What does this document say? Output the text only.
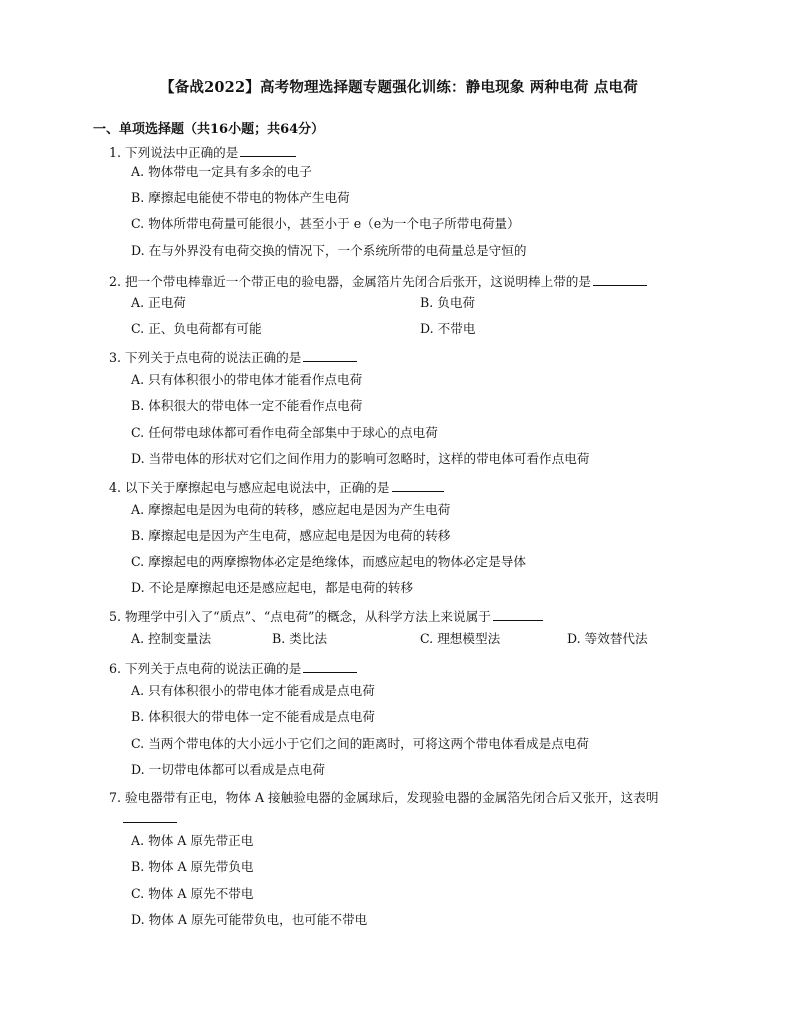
【备战2022】高考物理选择题专题强化训练：静电现象 两种电荷 点电荷
一、单项选择题（共16小题；共64分）
1. 下列说法中正确的是
A. 物体带电一定具有多余的电子
B. 摩擦起电能使不带电的物体产生电荷
C. 物体所带电荷量可能很小，甚至小于 e（e为一个电子所带电荷量）
D. 在与外界没有电荷交换的情况下，一个系统所带的电荷量总是守恒的
2. 把一个带电棒靠近一个带正电的验电器，金属箔片先闭合后张开，这说明棒上带的是
A. 正电荷	B. 负电荷
C. 正、负电荷都有可能	D. 不带电
3. 下列关于点电荷的说法正确的是
A. 只有体积很小的带电体才能看作点电荷
B. 体积很大的带电体一定不能看作点电荷
C. 任何带电球体都可看作电荷全部集中于球心的点电荷
D. 当带电体的形状对它们之间作用力的影响可忽略时，这样的带电体可看作点电荷
4. 以下关于摩擦起电与感应起电说法中，正确的是
A. 摩擦起电是因为电荷的转移，感应起电是因为产生电荷
B. 摩擦起电是因为产生电荷，感应起电是因为电荷的转移
C. 摩擦起电的两摩擦物体必定是绝缘体，而感应起电的物体必定是导体
D. 不论是摩擦起电还是感应起电，都是电荷的转移
5. 物理学中引入了“质点”、“点电荷”的概念，从科学方法上来说属于
A. 控制变量法	B. 类比法	C. 理想模型法	D. 等效替代法
6. 下列关于点电荷的说法正确的是
A. 只有体积很小的带电体才能看成是点电荷
B. 体积很大的带电体一定不能看成是点电荷
C. 当两个带电体的大小远小于它们之间的距离时，可将这两个带电体看成是点电荷
D. 一切带电体都可以看成是点电荷
7. 验电器带有正电，物体 A 接触验电器的金属球后，发现验电器的金属箔先闭合后又张开，这表明
A. 物体 A 原先带正电
B. 物体 A 原先带负电
C. 物体 A 原先不带电
D. 物体 A 原先可能带负电，也可能不带电
